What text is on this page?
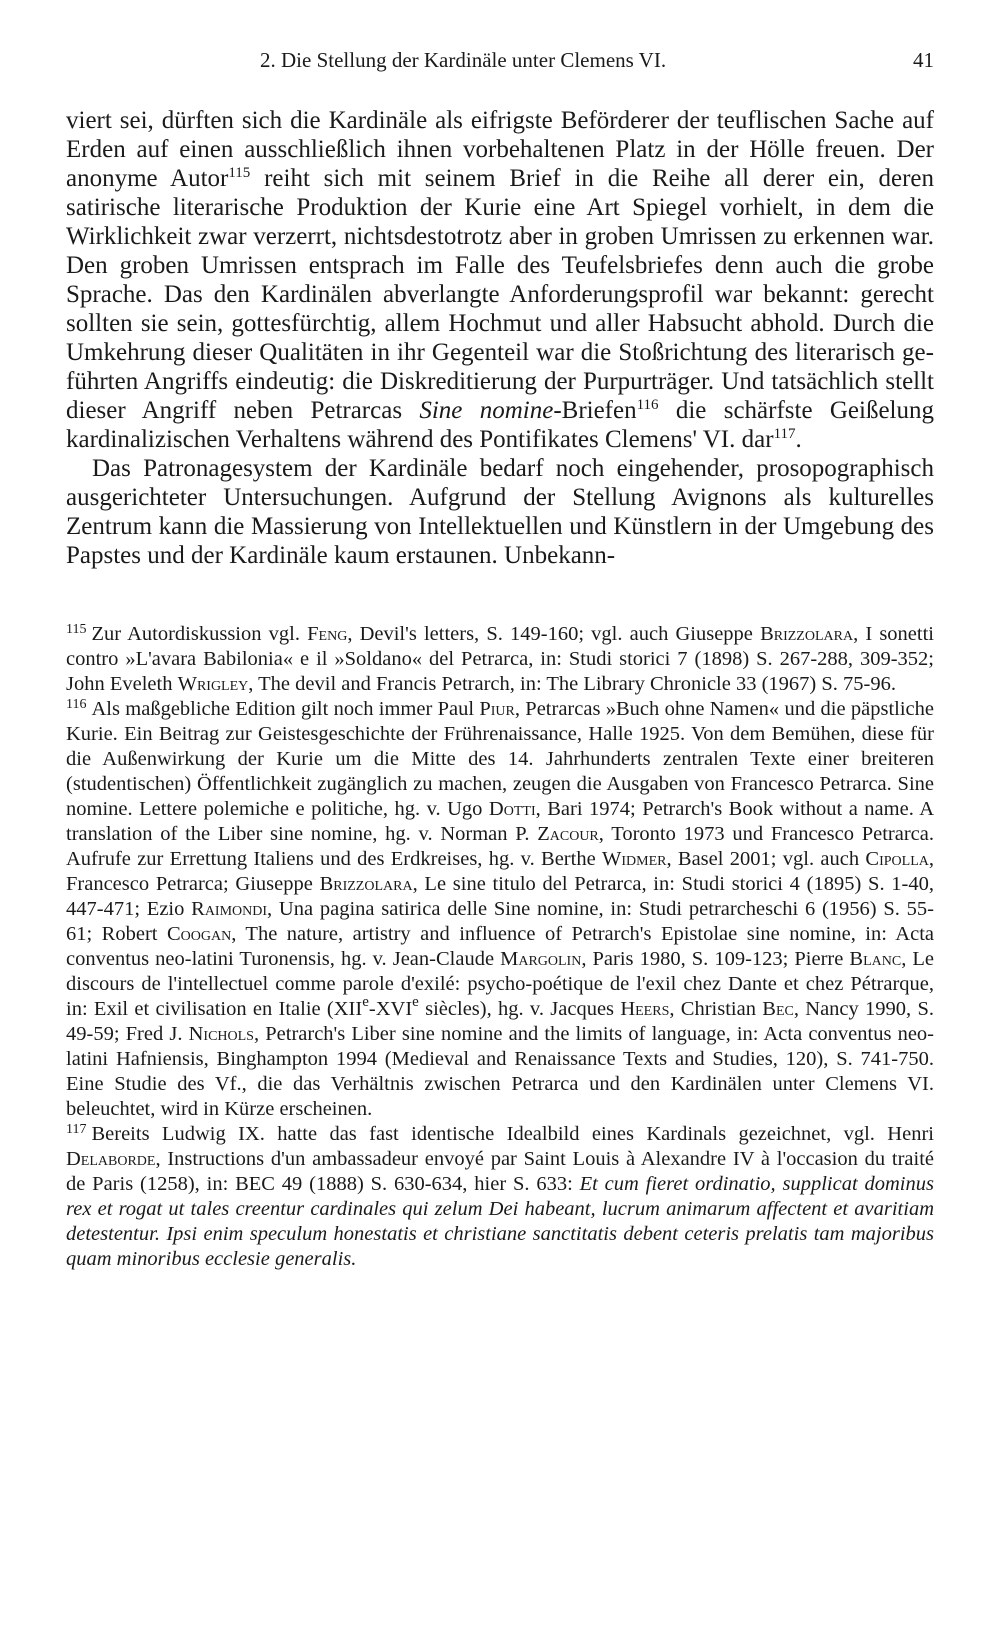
2. Die Stellung der Kardinäle unter Clemens VI.	41

viert sei, dürften sich die Kardinäle als eifrigste Beförderer der teuflischen Sache auf Erden auf einen ausschließlich ihnen vorbehaltenen Platz in der Hölle freuen. Der anonyme Autor$^{115}$ reiht sich mit seinem Brief in die Reihe all derer ein, deren satirische literarische Produktion der Kurie eine Art Spiegel vorhielt, in dem die Wirklichkeit zwar verzerrt, nichtsdestotrotz aber in groben Umrissen zu erkennen war. Den groben Umrissen entsprach im Falle des Teufelsbriefes denn auch die grobe Sprache. Das den Kardinälen abverlangte Anforderungsprofil war bekannt: gerecht sollten sie sein, gottesfürchtig, allem Hochmut und aller Habsucht abhold. Durch die Umkehrung dieser Qualitäten in ihr Gegenteil war die Stoßrichtung des literarisch geführten Angriffs eindeutig: die Diskreditierung der Purpurträger. Und tatsächlich stellt dieser Angriff neben Petrarcas Sine nomine-Briefen$^{116}$ die schärfste Geißelung kardinalizischen Verhaltens während des Pontifikates Clemens' VI. dar$^{117}$.

Das Patronagesystem der Kardinäle bedarf noch eingehender, prosopographisch ausgerichteter Untersuchungen. Aufgrund der Stellung Avignons als kulturelles Zentrum kann die Massierung von Intellektuellen und Künstlern in der Umgebung des Papstes und der Kardinäle kaum erstaunen. Unbekann-

$^{115}$ Zur Autordiskussion vgl. Feng, Devil's letters, S. 149-160; vgl. auch Giuseppe Brizzolara, I sonetti contro »L'avara Babilonia« e il »Soldano« del Petrarca, in: Studi storici 7 (1898) S. 267-288, 309-352; John Eveleth Wrigley, The devil and Francis Petrarch, in: The Library Chronicle 33 (1967) S. 75-96.

$^{116}$ Als maßgebliche Edition gilt noch immer Paul Piur, Petrarcas »Buch ohne Namen« und die päpstliche Kurie. Ein Beitrag zur Geistesgeschichte der Frührenaissance, Halle 1925. Von dem Bemühen, diese für die Außenwirkung der Kurie um die Mitte des 14. Jahrhunderts zentralen Texte einer breiteren (studentischen) Öffentlichkeit zugänglich zu machen, zeugen die Ausgaben von Francesco Petrarca. Sine nomine. Lettere polemiche e politiche, hg. v. Ugo Dotti, Bari 1974; Petrarch's Book without a name. A translation of the Liber sine nomine, hg. v. Norman P. Zacour, Toronto 1973 und Francesco Petrarca. Aufrufe zur Errettung Italiens und des Erdkreises, hg. v. Berthe Widmer, Basel 2001; vgl. auch Cipolla, Francesco Petrarca; Giuseppe Brizzolara, Le sine titulo del Petrarca, in: Studi storici 4 (1895) S. 1-40, 447-471; Ezio Raimondi, Una pagina satirica delle Sine nomine, in: Studi petrarcheschi 6 (1956) S. 55-61; Robert Coogan, The nature, artistry and influence of Petrarch's Epistolae sine nomine, in: Acta conventus neo-latini Turonensis, hg. v. Jean-Claude Margolin, Paris 1980, S. 109-123; Pierre Blanc, Le discours de l'intellectuel comme parole d'exilé: psycho-poétique de l'exil chez Dante et chez Pétrarque, in: Exil et civilisation en Italie (XIIe-XVIe siècles), hg. v. Jacques Heers, Christian Bec, Nancy 1990, S. 49-59; Fred J. Nichols, Petrarch's Liber sine nomine and the limits of language, in: Acta conventus neo-latini Hafniensis, Binghampton 1994 (Medieval and Renaissance Texts and Studies, 120), S. 741-750. Eine Studie des Vf., die das Verhältnis zwischen Petrarca und den Kardinälen unter Clemens VI. beleuchtet, wird in Kürze erscheinen.

$^{117}$ Bereits Ludwig IX. hatte das fast identische Idealbild eines Kardinals gezeichnet, vgl. Henri Delaborde, Instructions d'un ambassadeur envoyé par Saint Louis à Alexandre IV à l'occasion du traité de Paris (1258), in: BEC 49 (1888) S. 630-634, hier S. 633: Et cum fieret ordinatio, supplicat dominus rex et rogat ut tales creentur cardinales qui zelum Dei habeant, lucrum animarum affectent et avaritiam detestentur. Ipsi enim speculum honestatis et christiane sanctitatis debent ceteris prelatis tam majoribus quam minoribus ecclesie generalis.
